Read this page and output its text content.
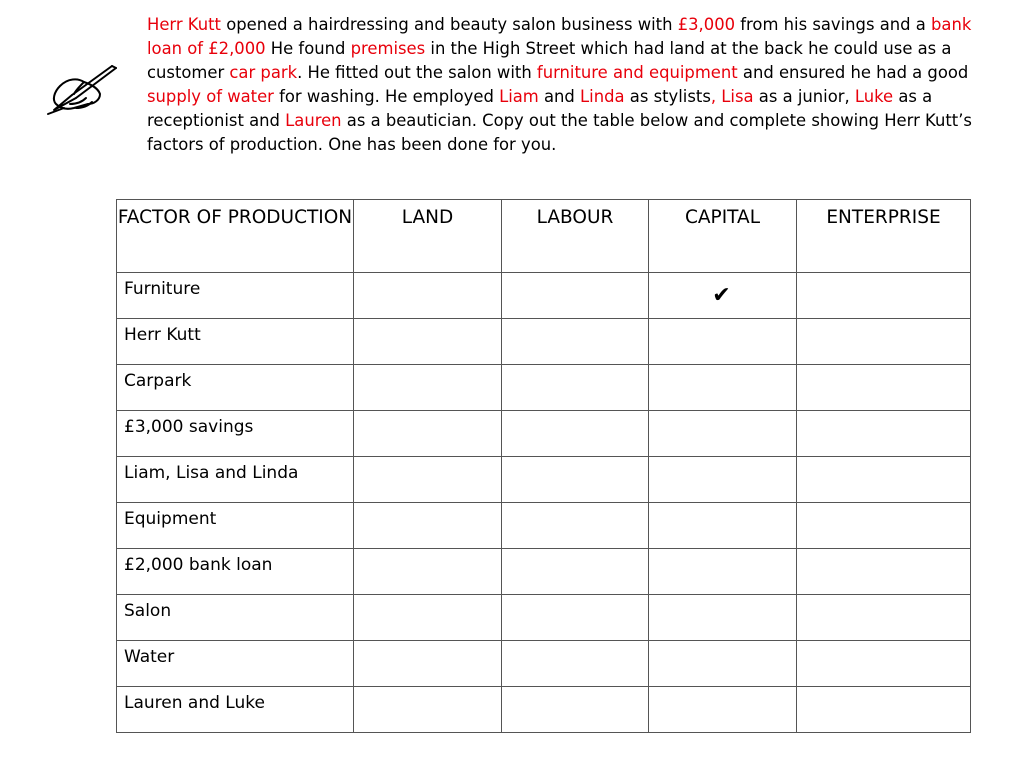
Herr Kutt opened a hairdressing and beauty salon business with £3,000 from his savings and a bank loan of £2,000 He found premises in the High Street which had land at the back he could use as a customer car park. He fitted out the salon with furniture and equipment and ensured he had a good supply of water for washing. He employed Liam and Linda as stylists, Lisa as a junior, Luke as a receptionist and Lauren as a beautician. Copy out the table below and complete showing Herr Kutt’s factors of production. One has been done for you.

FACTOR OF PRODUCTION	LAND	LABOUR	CAPITAL	ENTERPRISE
Furniture			✔	
Herr Kutt				
Carpark				
£3,000 savings				
Liam, Lisa and Linda				
Equipment				
£2,000 bank loan				
Salon				
Water				
Lauren and Luke				
